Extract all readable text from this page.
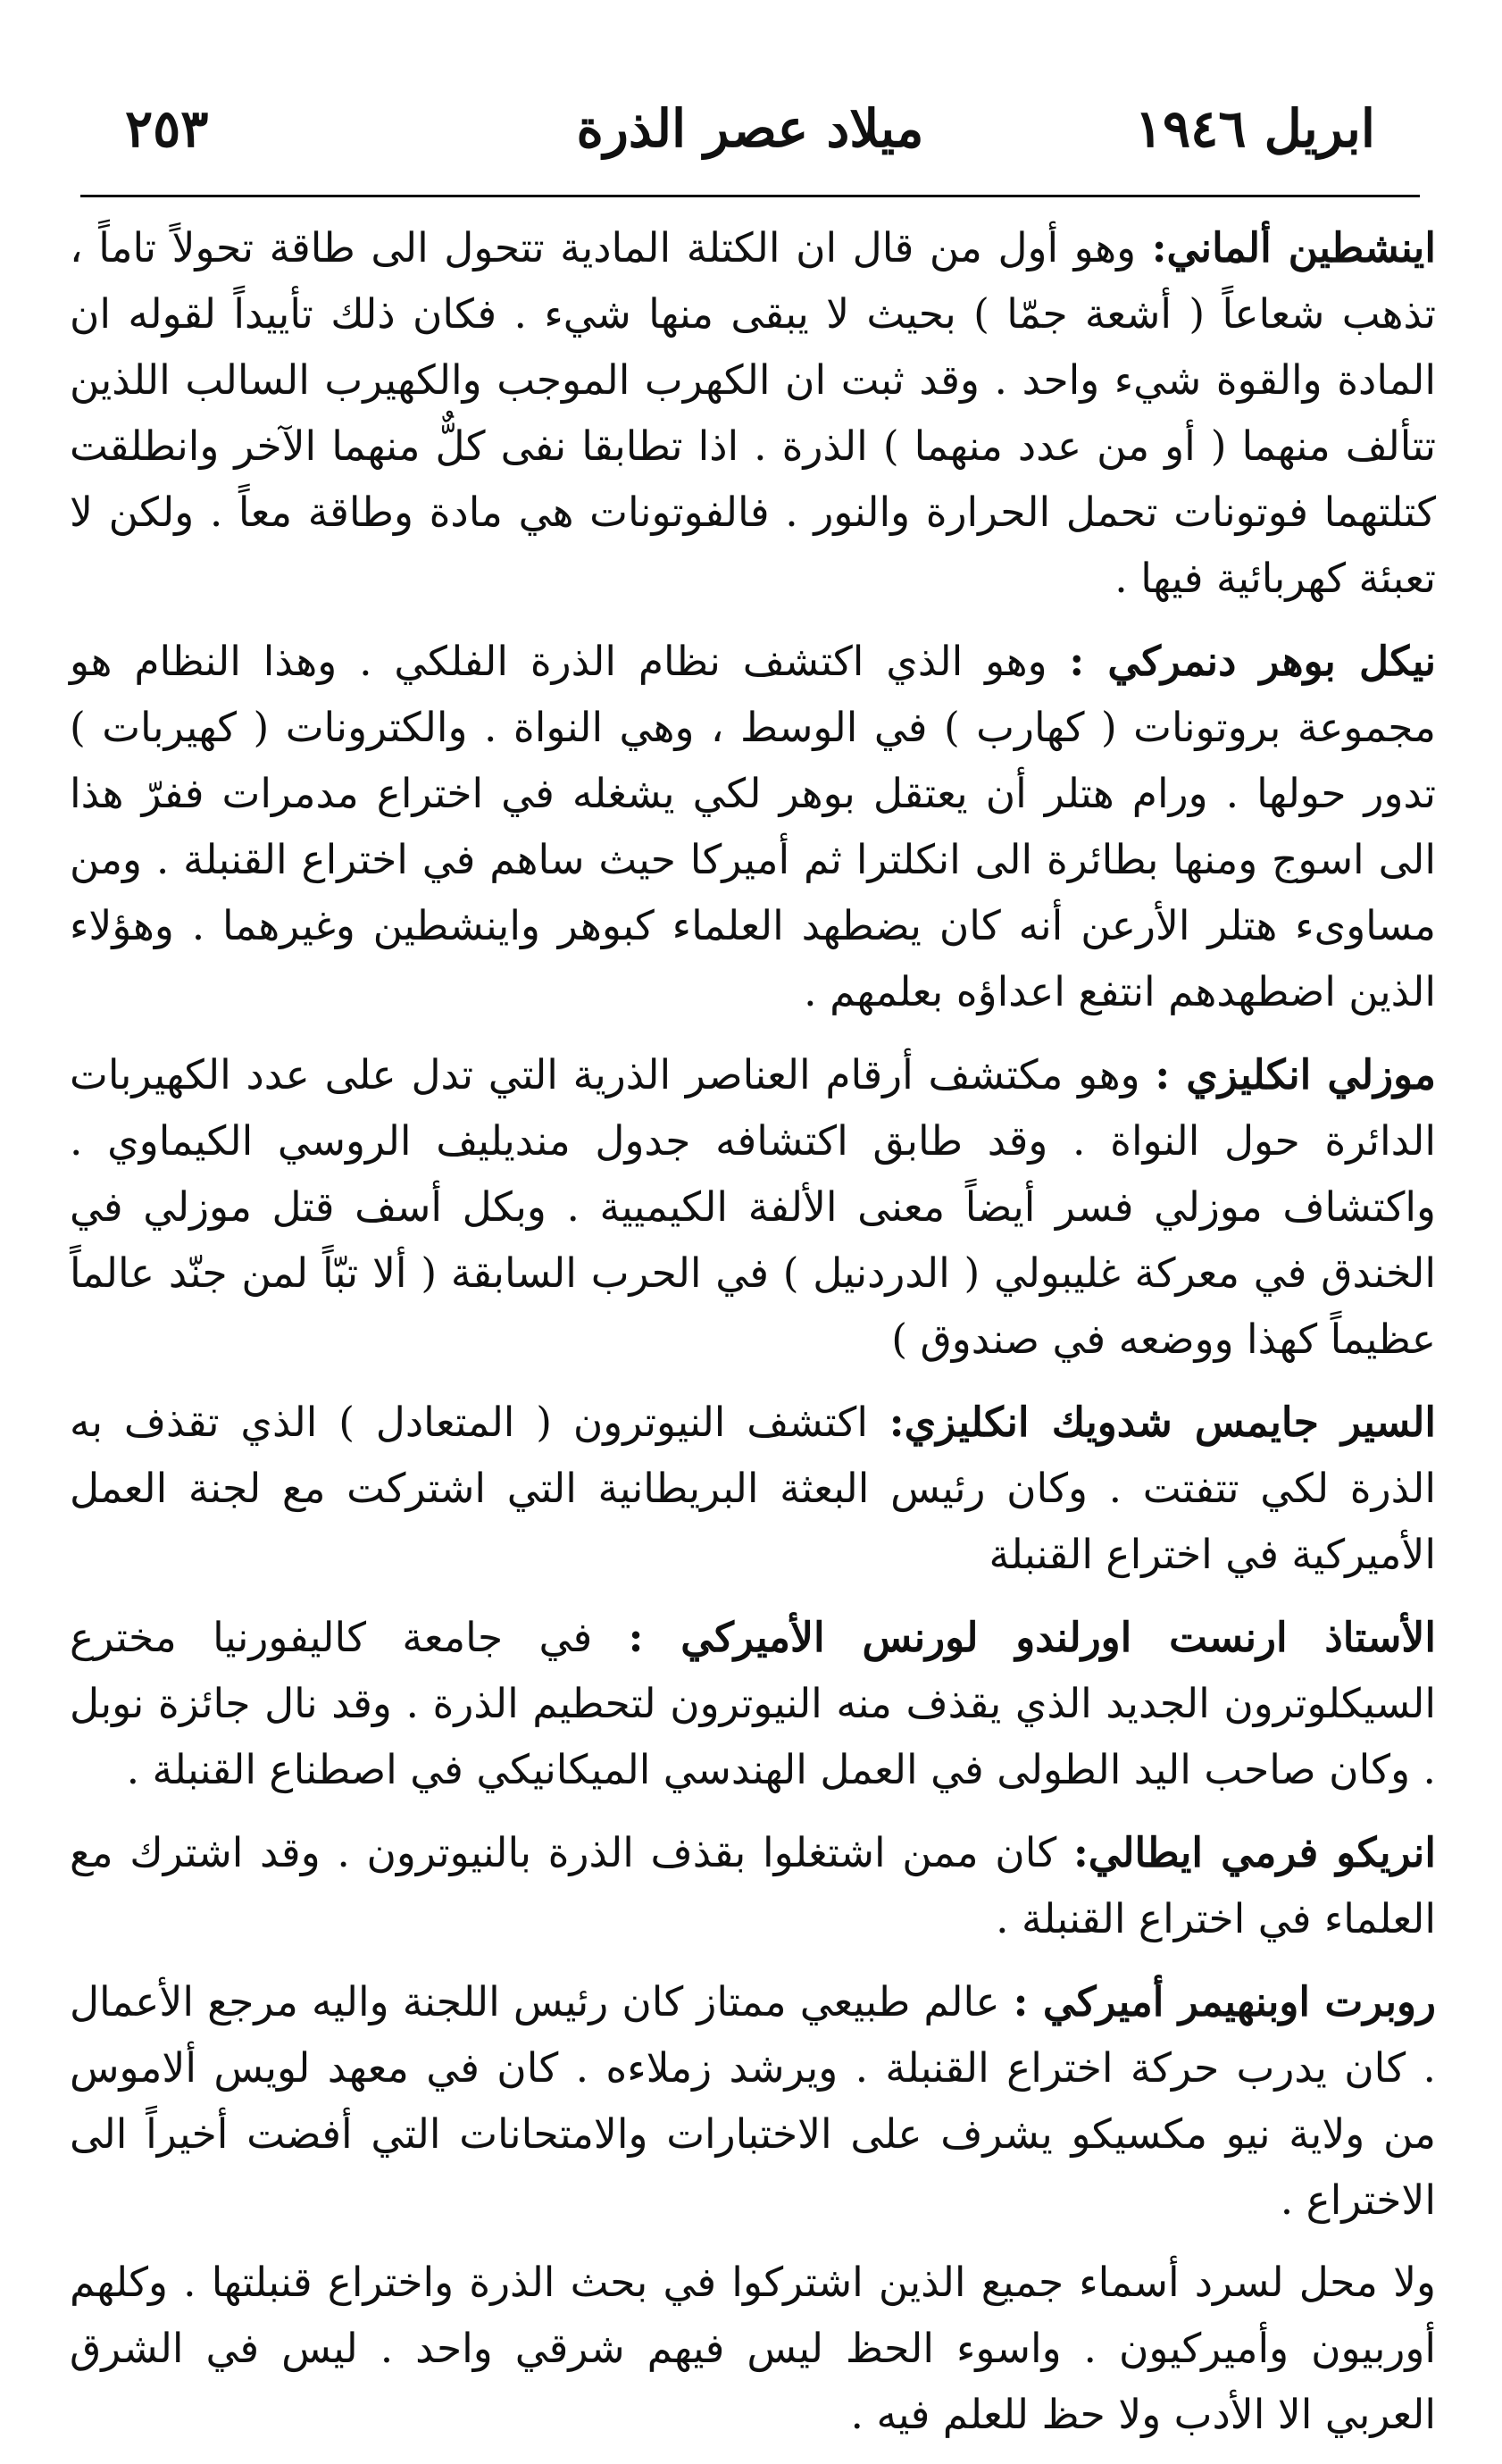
ابريل ١٩٤٦
ميلاد عصر الذرة
٢٥٣

اينشطين ألماني: وهو أول من قال ان الكتلة المادية تتحول الى طاقة تحولاً تاماً ، تذهب شعاعاً ( أشعة جمّا ) بحيث لا يبقى منها شيء . فكان ذلك تأييداً لقوله ان المادة والقوة شيء واحد . وقد ثبت ان الكهرب الموجب والكهيرب السالب اللذين تتألف منهما ( أو من عدد منهما ) الذرة . اذا تطابقا نفى كلٌّ منهما الآخر وانطلقت كتلتهما فوتونات تحمل الحرارة والنور . فالفوتونات هي مادة وطاقة معاً . ولكن لا تعبئة كهربائية فيها .

نيكل بوهر دنمركي : وهو الذي اكتشف نظام الذرة الفلكي . وهذا النظام هو مجموعة بروتونات ( كهارب ) في الوسط ، وهي النواة . والكترونات ( كهيربات ) تدور حولها . ورام هتلر أن يعتقل بوهر لكي يشغله في اختراع مدمرات ففرّ هذا الى اسوج ومنها بطائرة الى انكلترا ثم أميركا حيث ساهم في اختراع القنبلة . ومن مساوىء هتلر الأرعن أنه كان يضطهد العلماء كبوهر واينشطين وغيرهما . وهؤلاء الذين اضطهدهم انتفع اعداؤه بعلمهم .

موزلي انكليزي : وهو مكتشف أرقام العناصر الذرية التي تدل على عدد الكهيربات الدائرة حول النواة . وقد طابق اكتشافه جدول منديليف الروسي الكيماوي . واكتشاف موزلي فسر أيضاً معنى الألفة الكيميية . وبكل أسف قتل موزلي في الخندق في معركة غليبولي ( الدردنيل ) في الحرب السابقة ( ألا تبّاً لمن جنّد عالماً عظيماً كهذا ووضعه في صندوق )

السير جايمس شدويك انكليزي: اكتشف النيوترون ( المتعادل ) الذي تقذف به الذرة لكي تتفتت . وكان رئيس البعثة البريطانية التي اشتركت مع لجنة العمل الأميركية في اختراع القنبلة

الأستاذ ارنست اورلندو لورنس الأميركي : في جامعة كاليفورنيا مخترع السيكلوترون الجديد الذي يقذف منه النيوترون لتحطيم الذرة . وقد نال جائزة نوبل . وكان صاحب اليد الطولى في العمل الهندسي الميكانيكي في اصطناع القنبلة .

انريكو فرمي ايطالي: كان ممن اشتغلوا بقذف الذرة بالنيوترون . وقد اشترك مع العلماء في اختراع القنبلة .

روبرت اوبنهيمر أميركي : عالم طبيعي ممتاز كان رئيس اللجنة واليه مرجع الأعمال . كان يدرب حركة اختراع القنبلة . ويرشد زملاءه . كان في معهد لويس ألاموس من ولاية نيو مكسيكو يشرف على الاختبارات والامتحانات التي أفضت أخيراً الى الاختراع .

ولا محل لسرد أسماء جميع الذين اشتركوا في بحث الذرة واختراع قنبلتها . وكلهم أوربيون وأميركيون . واسوء الحظ ليس فيهم شرقي واحد . ليس في الشرق العربي الا الأدب ولا حظ للعلم فيه .
